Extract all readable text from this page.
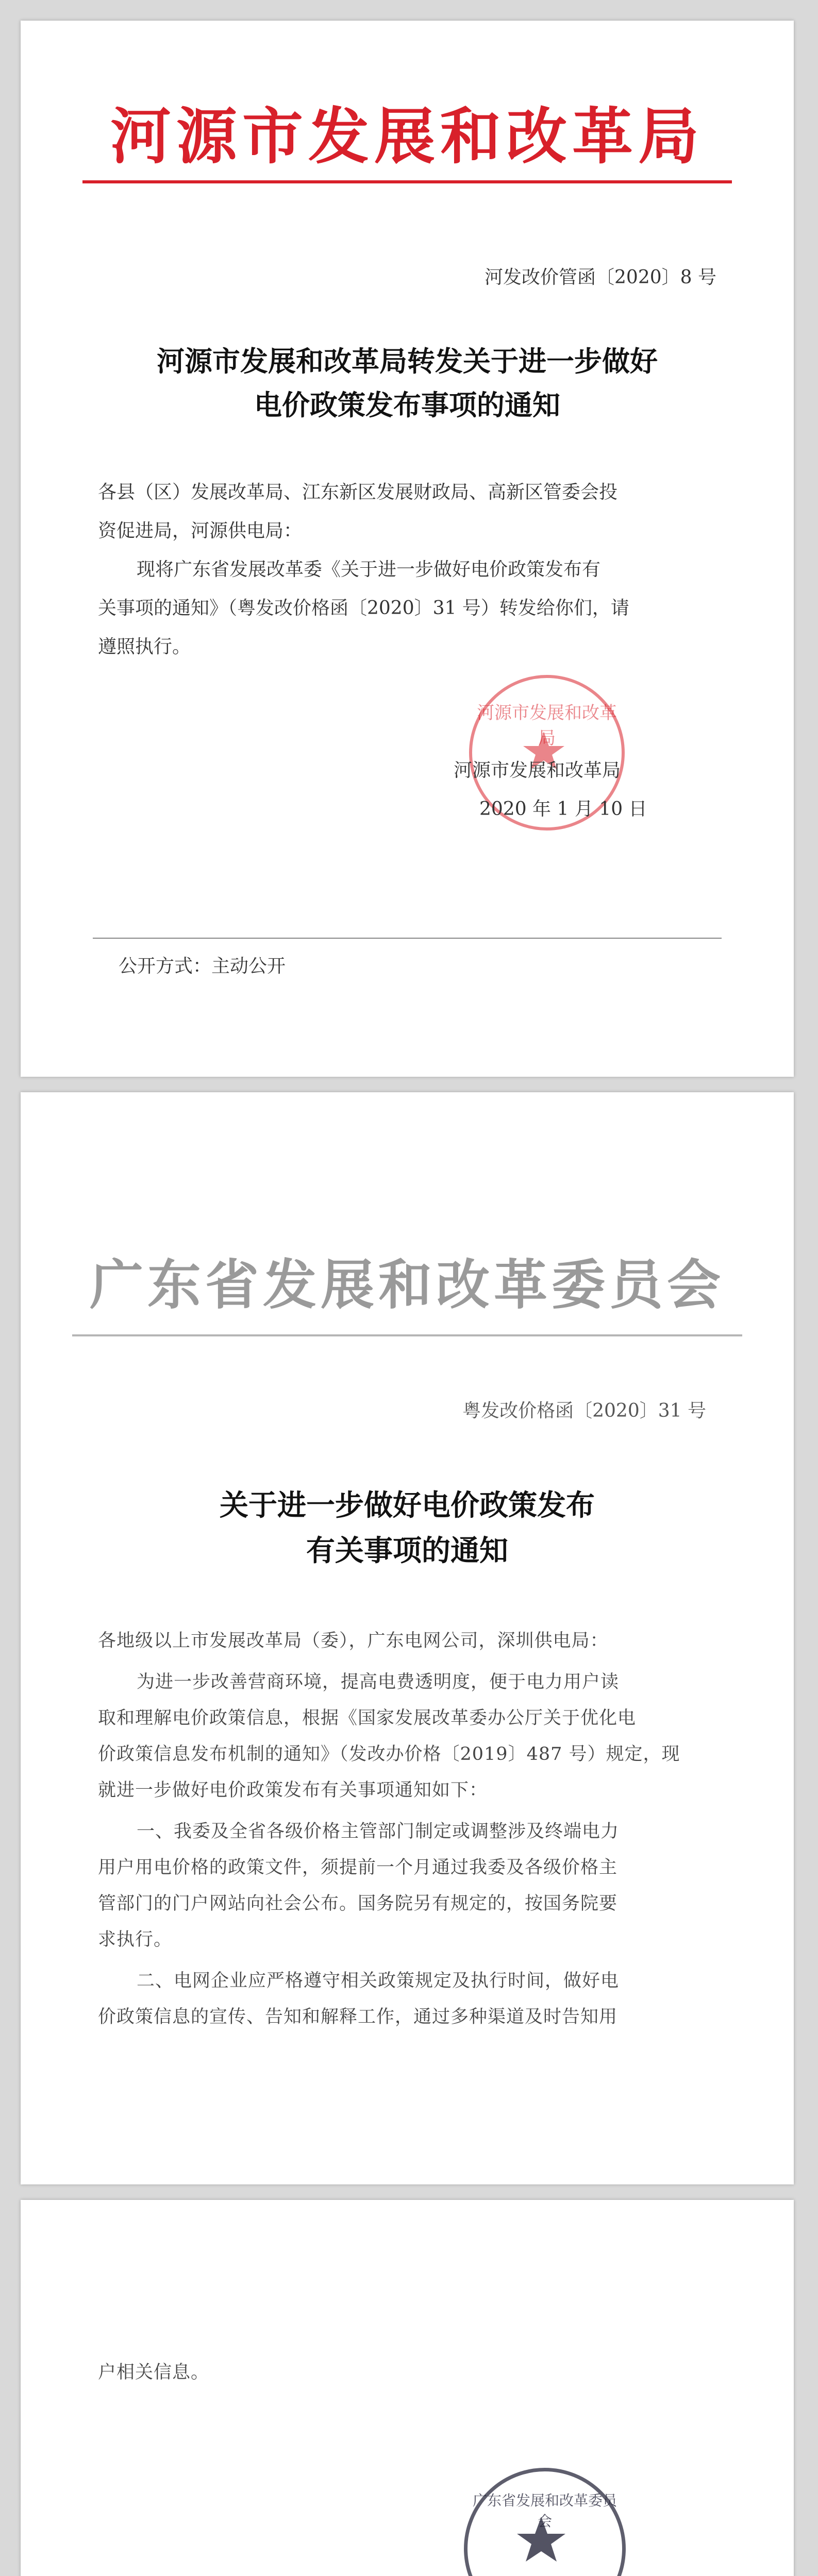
河源市发展和改革局
河发改价管函〔2020〕8 号
河源市发展和改革局转发关于进一步做好
电价政策发布事项的通知
各县（区）发展改革局、江东新区发展财政局、高新区管委会投
资促进局，河源供电局：
现将广东省发展改革委《关于进一步做好电价政策发布有
关事项的通知》（粤发改价格函〔2020〕31 号）转发给你们，请
遵照执行。
河源市发展和改革局
河源市发展和改革局
2020 年 1 月 10 日
公开方式：主动公开
广东省发展和改革委员会
粤发改价格函〔2020〕31 号
关于进一步做好电价政策发布
有关事项的通知
各地级以上市发展改革局（委），广东电网公司，深圳供电局：
为进一步改善营商环境，提高电费透明度，便于电力用户读
取和理解电价政策信息，根据《国家发展改革委办公厅关于优化电
价政策信息发布机制的通知》（发改办价格〔2019〕487 号）规定，现
就进一步做好电价政策发布有关事项通知如下：
一、我委及全省各级价格主管部门制定或调整涉及终端电力
用户用电价格的政策文件，须提前一个月通过我委及各级价格主
管部门的门户网站向社会公布。国务院另有规定的，按国务院要
求执行。
二、电网企业应严格遵守相关政策规定及执行时间，做好电
价政策信息的宣传、告知和解释工作，通过多种渠道及时告知用
户相关信息。
广东省发展和改革委员会
